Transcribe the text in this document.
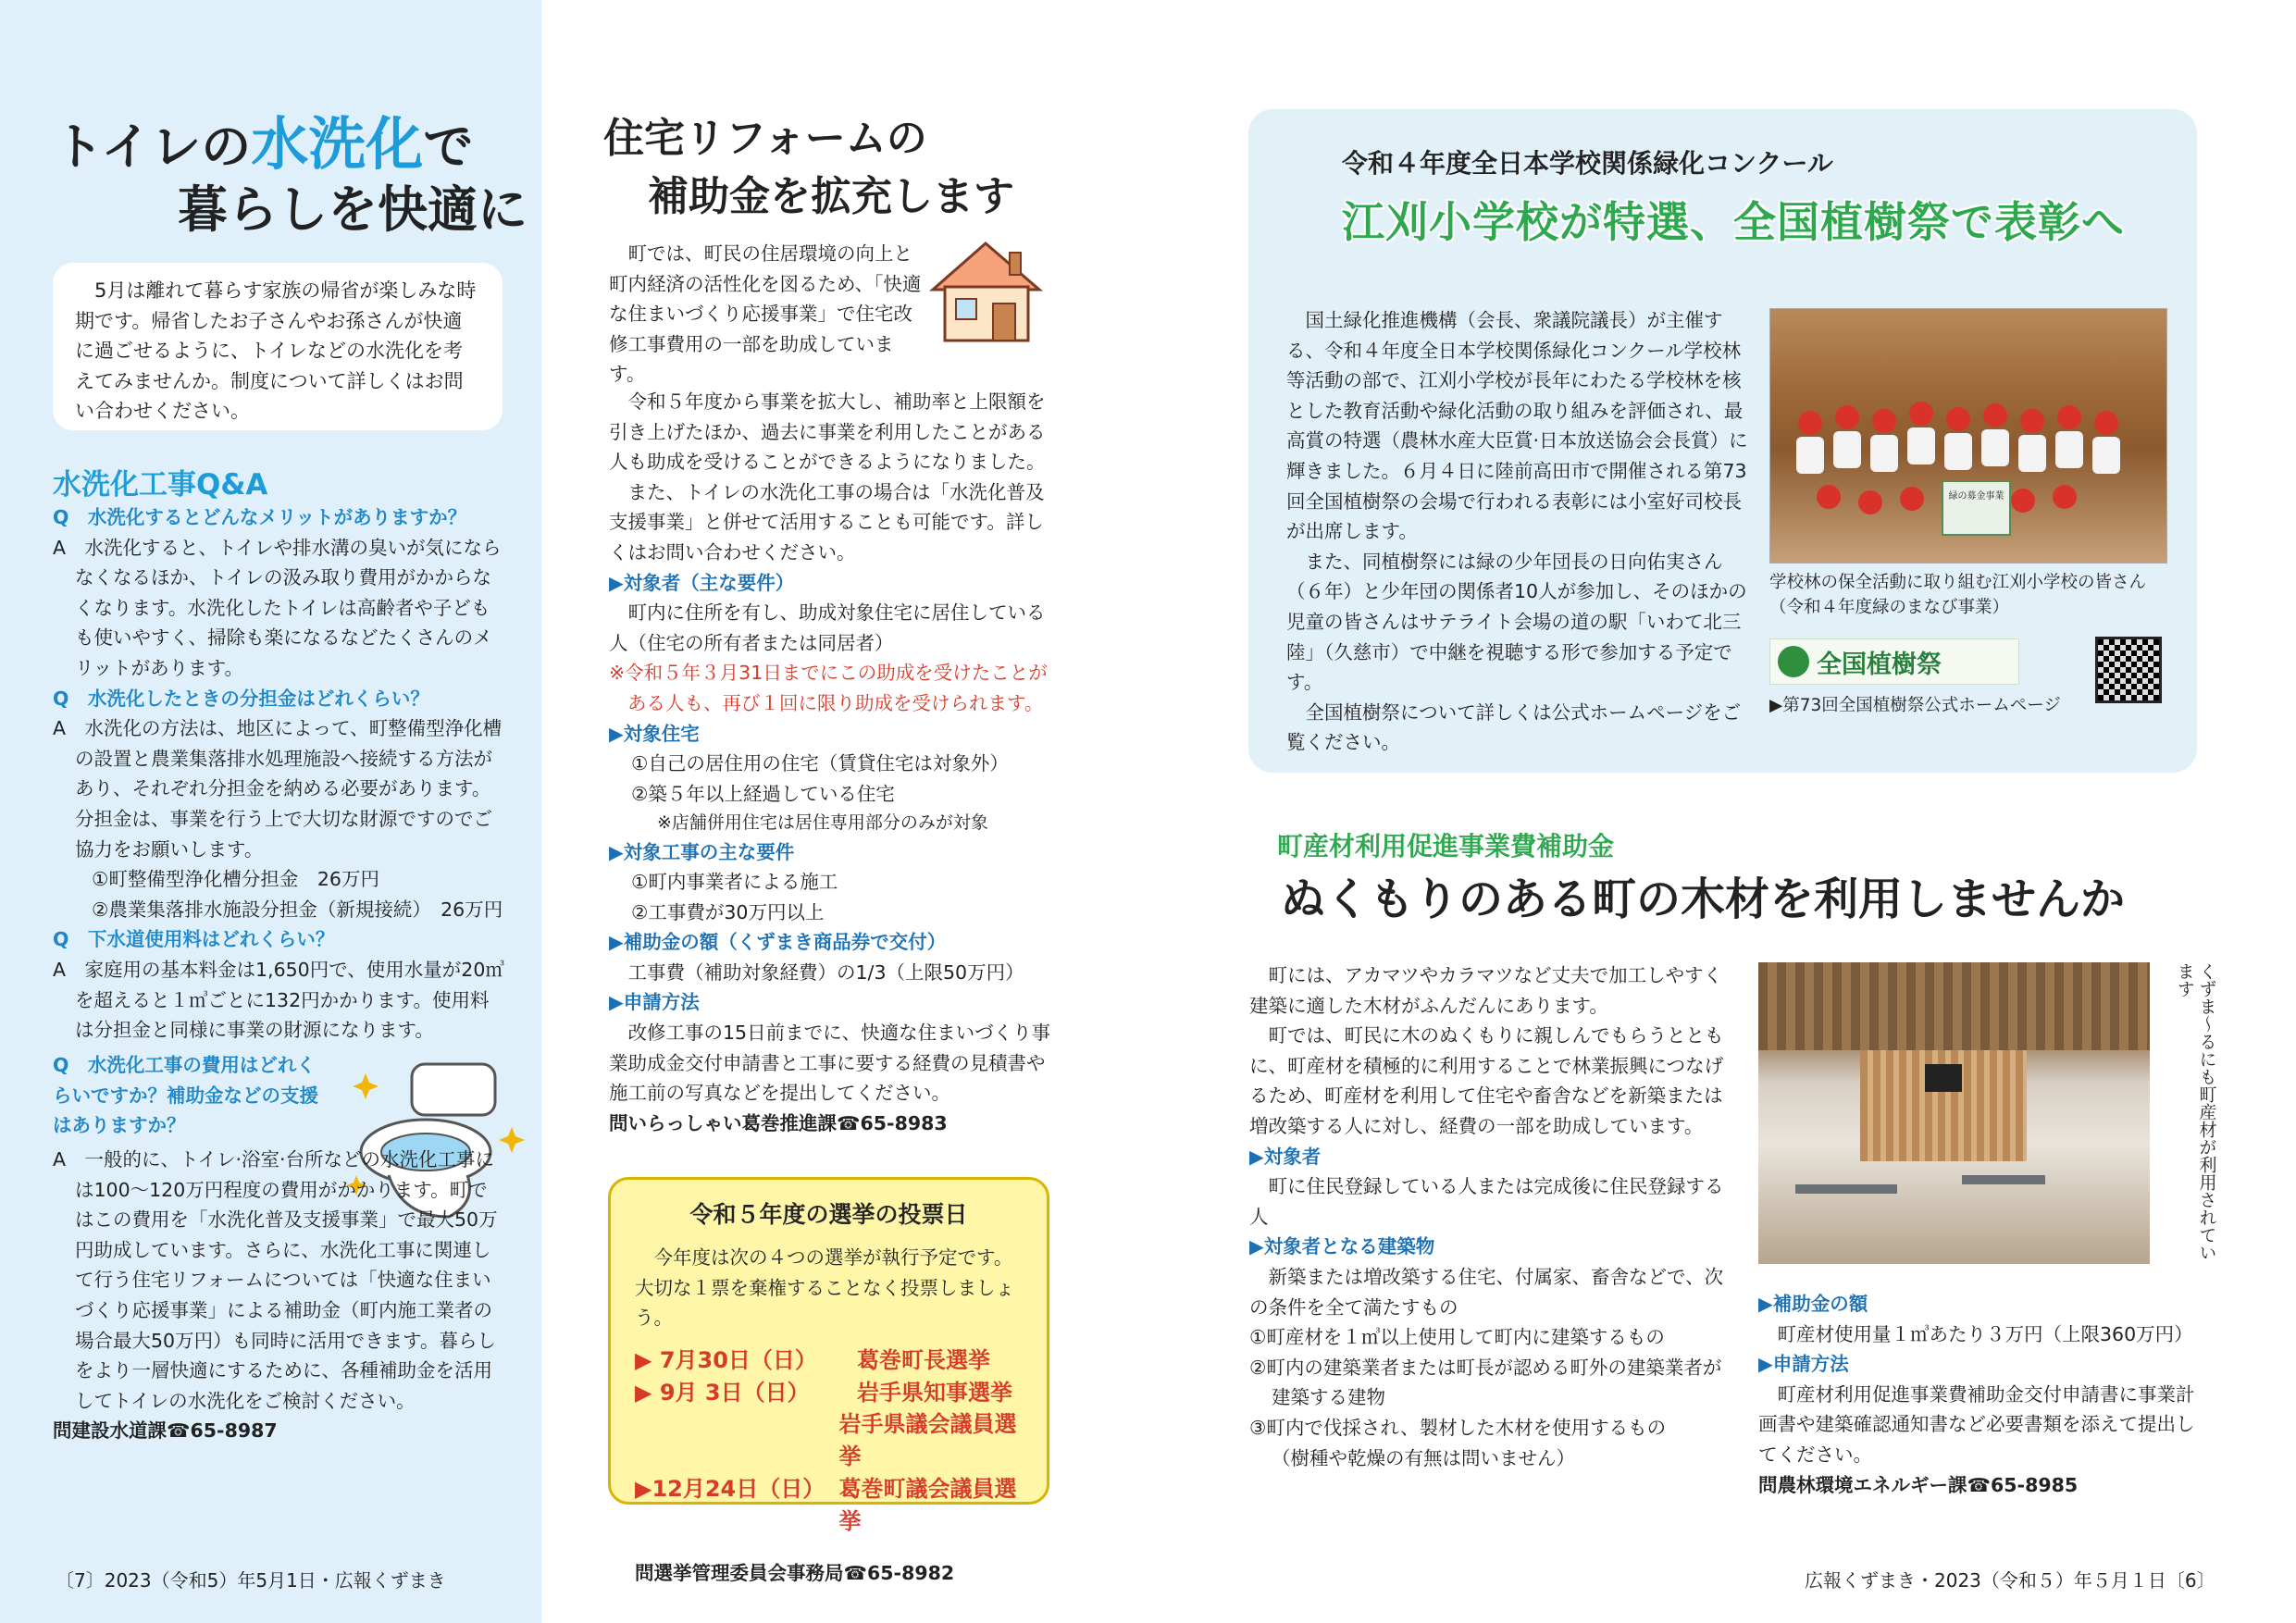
トイレの水洗化で
暮らしを快適に

　5月は離れて暮らす家族の帰省が楽しみな時期です。帰省したお子さんやお孫さんが快適に過ごせるように、トイレなどの水洗化を考えてみませんか。制度について詳しくはお問い合わせください。

水洗化工事Q&A

Q　水洗化するとどんなメリットがありますか？

A　水洗化すると、トイレや排水溝の臭いが気にならなくなるほか、トイレの汲み取り費用がかからなくなります。水洗化したトイレは高齢者や子どもも使いやすく、掃除も楽になるなどたくさんのメリットがあります。

Q　水洗化したときの分担金はどれくらい？

A　水洗化の方法は、地区によって、町整備型浄化槽の設置と農業集落排水処理施設へ接続する方法があり、それぞれ分担金を納める必要があります。分担金は、事業を行う上で大切な財源ですのでご協力をお願いします。

①町整備型浄化槽分担金　26万円

②農業集落排水施設分担金（新規接続）　26万円

Q　下水道使用料はどれくらい？

A　家庭用の基本料金は1,650円で、使用水量が20㎥を超えると１㎥ごとに132円かかります。使用料は分担金と同様に事業の財源になります。

Q　水洗化工事の費用はどれくらいですか？補助金などの支援はありますか？

A　一般的に、トイレ·浴室·台所などの水洗化工事には100～120万円程度の費用がかかります。町ではこの費用を「水洗化普及支援事業」で最大50万円助成しています。さらに、水洗化工事に関連して行う住宅リフォームについては「快適な住まいづくり応援事業」による補助金（町内施工業者の場合最大50万円）も同時に活用できます。暮らしをより一層快適にするために、各種補助金を活用してトイレの水洗化をご検討ください。

問建設水道課☎65-8987

〔7〕2023（令和5）年5月1日・広報くずまき
住宅リフォームの
補助金を拡充します
　町では、町民の住居環境の向上と町内経済の活性化を図るため、「快適な住まいづくり応援事業」で住宅改修工事費用の一部を助成しています。

　令和５年度から事業を拡大し、補助率と上限額を引き上げたほか、過去に事業を利用したことがある人も助成を受けることができるようになりました。

　また、トイレの水洗化工事の場合は「水洗化普及支援事業」と併せて活用することも可能です。詳しくはお問い合わせください。

▶対象者（主な要件）

　町内に住所を有し、助成対象住宅に居住している人（住宅の所有者または同居者）

※令和５年３月31日までにこの助成を受けたことがある人も、再び１回に限り助成を受けられます。

▶対象住宅

①自己の居住用の住宅（賃貸住宅は対象外）

②築５年以上経過している住宅

※店舗併用住宅は居住専用部分のみが対象

▶対象工事の主な要件

①町内事業者による施工

②工事費が30万円以上

▶補助金の額（くずまき商品券で交付）

　工事費（補助対象経費）の1/3（上限50万円）

▶申請方法

　改修工事の15日前までに、快適な住まいづくり事業助成金交付申請書と工事に要する経費の見積書や施工前の写真などを提出してください。

問いらっしゃい葛巻推進課☎65-8983

令和５年度の選挙の投票日

　今年度は次の４つの選挙が執行予定です。大切な１票を棄権することなく投票しましょう。

▶ 7月30日（日）	葛巻町長選挙
▶ 9月 3日（日）	岩手県知事選挙
岩手県議会議員選挙
▶12月24日（日） 葛巻町議会議員選挙

問選挙管理委員会事務局☎65-8982

令和４年度全日本学校関係緑化コンクール
江刈小学校が特選、全国植樹祭で表彰へ

　国土緑化推進機構（会長、衆議院議長）が主催する、令和４年度全日本学校関係緑化コンクール学校林等活動の部で、江刈小学校が長年にわたる学校林を核とした教育活動や緑化活動の取り組みを評価され、最高賞の特選（農林水産大臣賞·日本放送協会会長賞）に輝きました。６月４日に陸前高田市で開催される第73回全国植樹祭の会場で行われる表彰には小室好司校長が出席します。

　また、同植樹祭には緑の少年団長の日向佑実さん（６年）と少年団の関係者10人が参加し、そのほかの児童の皆さんはサテライト会場の道の駅「いわて北三陸」（久慈市）で中継を視聴する形で参加する予定です。

　全国植樹祭について詳しくは公式ホームページをご覧ください。

緑の募金事業
学校林の保全活動に取り組む江刈小学校の皆さん（令和４年度緑のまなび事業）
全国植樹祭
▶第73回全国植樹祭公式ホームページ
町産材利用促進事業費補助金
ぬくもりのある町の木材を利用しませんか

　町には、アカマツやカラマツなど丈夫で加工しやすく建築に適した木材がふんだんにあります。

　町では、町民に木のぬくもりに親しんでもらうとともに、町産材を積極的に利用することで林業振興につなげるため、町産材を利用して住宅や畜舎などを新築または増改築する人に対し、経費の一部を助成しています。

▶対象者

　町に住民登録している人または完成後に住民登録する人

▶対象者となる建築物

　新築または増改築する住宅、付属家、畜舎などで、次の条件を全て満たすもの

①町産材を１㎥以上使用して町内に建築するもの

②町内の建築業者または町長が認める町外の建築業者が建築する建物

③町内で伐採され、製材した木材を使用するもの

（樹種や乾燥の有無は問いません）

くずま〜るにも町産材が利用されています

▶補助金の額

　町産材使用量１㎥あたり３万円（上限360万円）

▶申請方法

　町産材利用促進事業費補助金交付申請書に事業計画書や建築確認通知書など必要書類を添えて提出してください。

問農林環境エネルギー課☎65-8985

広報くずまき・2023（令和５）年５月１日〔6〕
